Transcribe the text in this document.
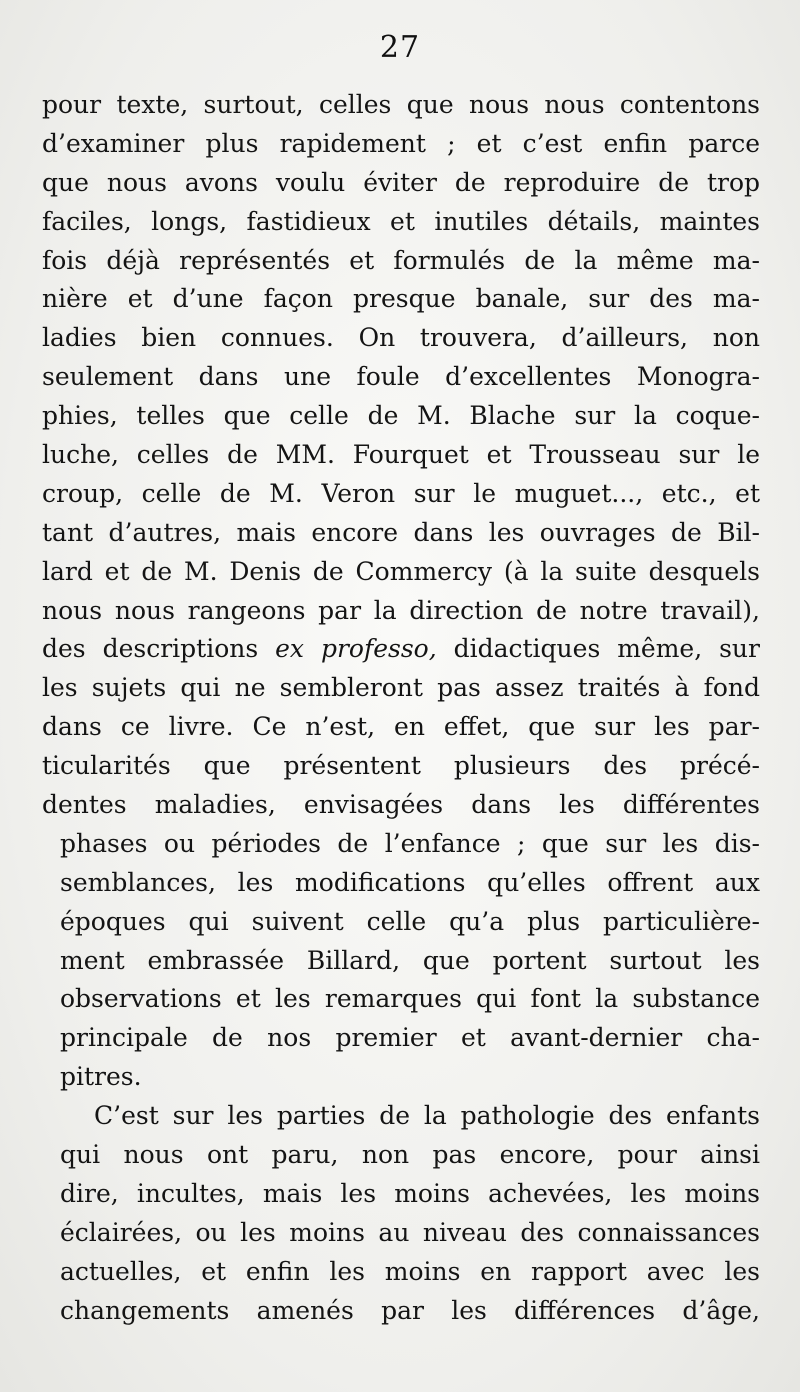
27
pour texte, surtout, celles que nous nous contentons
d’examiner plus rapidement ; et c’est enfin parce
que nous avons voulu éviter de reproduire de trop
faciles, longs, fastidieux et inutiles détails, maintes
fois déjà représentés et formulés de la même ma-
nière et d’une façon presque banale, sur des ma-
ladies bien connues. On trouvera, d’ailleurs, non
seulement dans une foule d’excellentes Monogra-
phies, telles que celle de M. Blache sur la coque-
luche, celles de MM. Fourquet et Trousseau sur le
croup, celle de M. Veron sur le muguet..., etc., et
tant d’autres, mais encore dans les ouvrages de Bil-
lard et de M. Denis de Commercy (à la suite desquels
nous nous rangeons par la direction de notre travail),
des descriptions ex professo, didactiques même, sur
les sujets qui ne sembleront pas assez traités à fond
dans ce livre. Ce n’est, en effet, que sur les par-
ticularités que présentent plusieurs des précé-
dentes maladies, envisagées dans les différentes
phases ou périodes de l’enfance ; que sur les dis-
semblances, les modifications qu’elles offrent aux
époques qui suivent celle qu’a plus particulière-
ment embrassée Billard, que portent surtout les
observations et les remarques qui font la substance
principale de nos premier et avant-dernier cha-
pitres.
C’est sur les parties de la pathologie des enfants
qui nous ont paru, non pas encore, pour ainsi
dire, incultes, mais les moins achevées, les moins
éclairées, ou les moins au niveau des connaissances
actuelles, et enfin les moins en rapport avec les
changements amenés par les différences d’âge,
